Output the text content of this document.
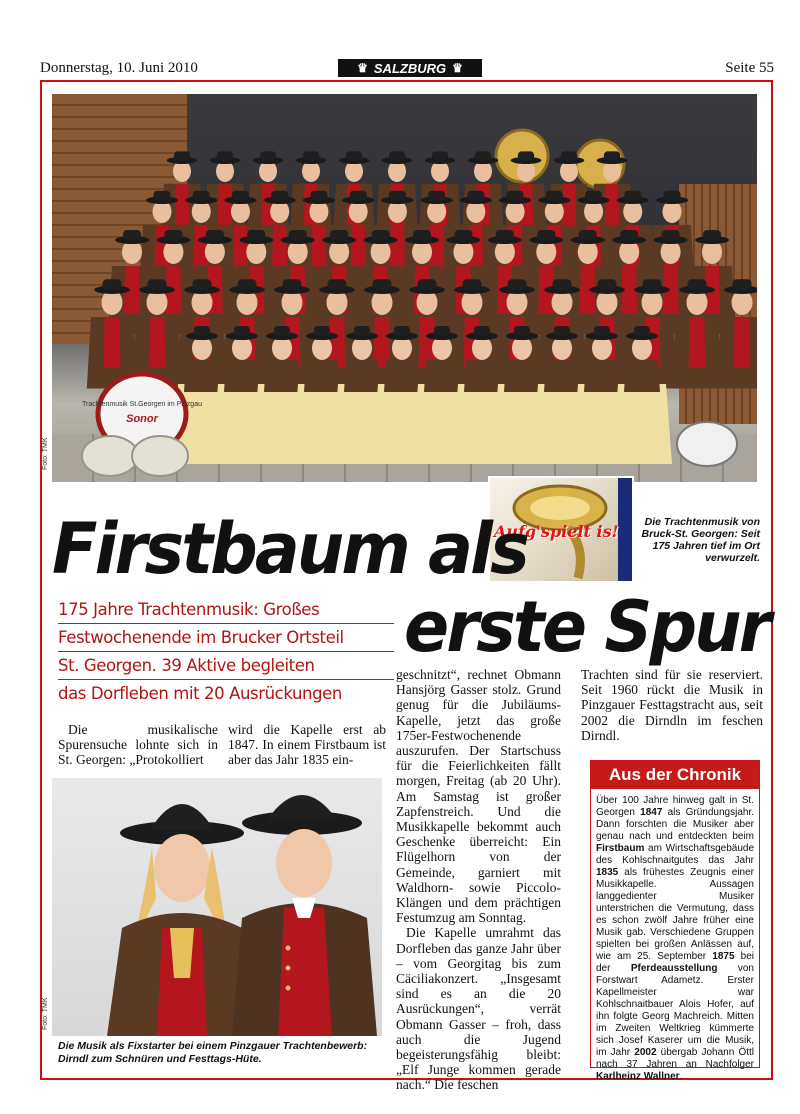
Donnerstag, 10. Juni 2010	♛ SALZBURG ♛	Seite 55
Trachtenmusik St.Georgen im Pinzgau
Sonor
Foto: TMK
Aufg'spielt is!	Die Trachtenmusik von Bruck-St. Georgen: Seit 175 Jahren tief im Ort verwurzelt.
Firstbaum als
erste Spur
175 Jahre Trachtenmusik: Großes
Festwochenende im Brucker Ortsteil
St. Georgen. 39 Aktive begleiten
das Dorfleben mit 20 Ausrückungen

Die musikalische Spurensuche lohnte sich in St. Georgen: „Protokolliert

wird die Kapelle erst ab 1847. In einem Firstbaum ist aber das Jahr 1835 ein-

Foto: TMK
Die Musik als Fixstarter bei einem Pinzgauer Trachtenbewerb: Dirndl zum Schnüren und Festtags-Hüte.

geschnitzt“, rechnet Obmann Hansjörg Gasser stolz. Grund genug für die Jubiläums-Kapelle, jetzt das große 175er-Festwochenende auszurufen. Der Startschuss für die Feierlichkeiten fällt morgen, Freitag (ab 20 Uhr). Am Samstag ist großer Zapfenstreich. Und die Musikkapelle bekommt auch Geschenke überreicht: Ein Flügelhorn von der Gemeinde, garniert mit Waldhorn- sowie Piccolo-Klängen und dem prächtigen Festumzug am Sonntag.

Die Kapelle umrahmt das Dorfleben das ganze Jahr über – vom Georgitag bis zum Cäciliakonzert. „Insgesamt sind es an die 20 Ausrückungen“, verrät Obmann Gasser – froh, dass auch die Jugend begeisterungsfähig bleibt: „Elf Junge kommen gerade nach.“ Die feschen

Trachten sind für sie reserviert. Seit 1960 rückt die Musik in Pinzgauer Festtagstracht aus, seit 2002 die Dirndln im feschen Dirndl.

Aus der Chronik
Über 100 Jahre hinweg galt in St. Georgen 1847 als Gründungsjahr. Dann forschten die Musiker aber genau nach und entdeckten beim Firstbaum am Wirtschaftsgebäude des Kohlschnaitgutes das Jahr 1835 als frühestes Zeugnis einer Musikkapelle. Aussagen langgedienter Musiker unterstrichen die Vermutung, dass es schon zwölf Jahre früher eine Musik gab. Verschiedene Gruppen spielten bei großen Anlässen auf, wie am 25. September 1875 bei der Pferdeausstellung von Forstwart Adametz. Erster Kapellmeister war Kohlschnaitbauer Alois Hofer, auf ihn folgte Georg Machreich. Mitten im Zweiten Weltkrieg kümmerte sich Josef Kaserer um die Musik, im Jahr 2002 übergab Johann Öttl nach 37 Jahren an Nachfolger Karlheinz Wallner.
